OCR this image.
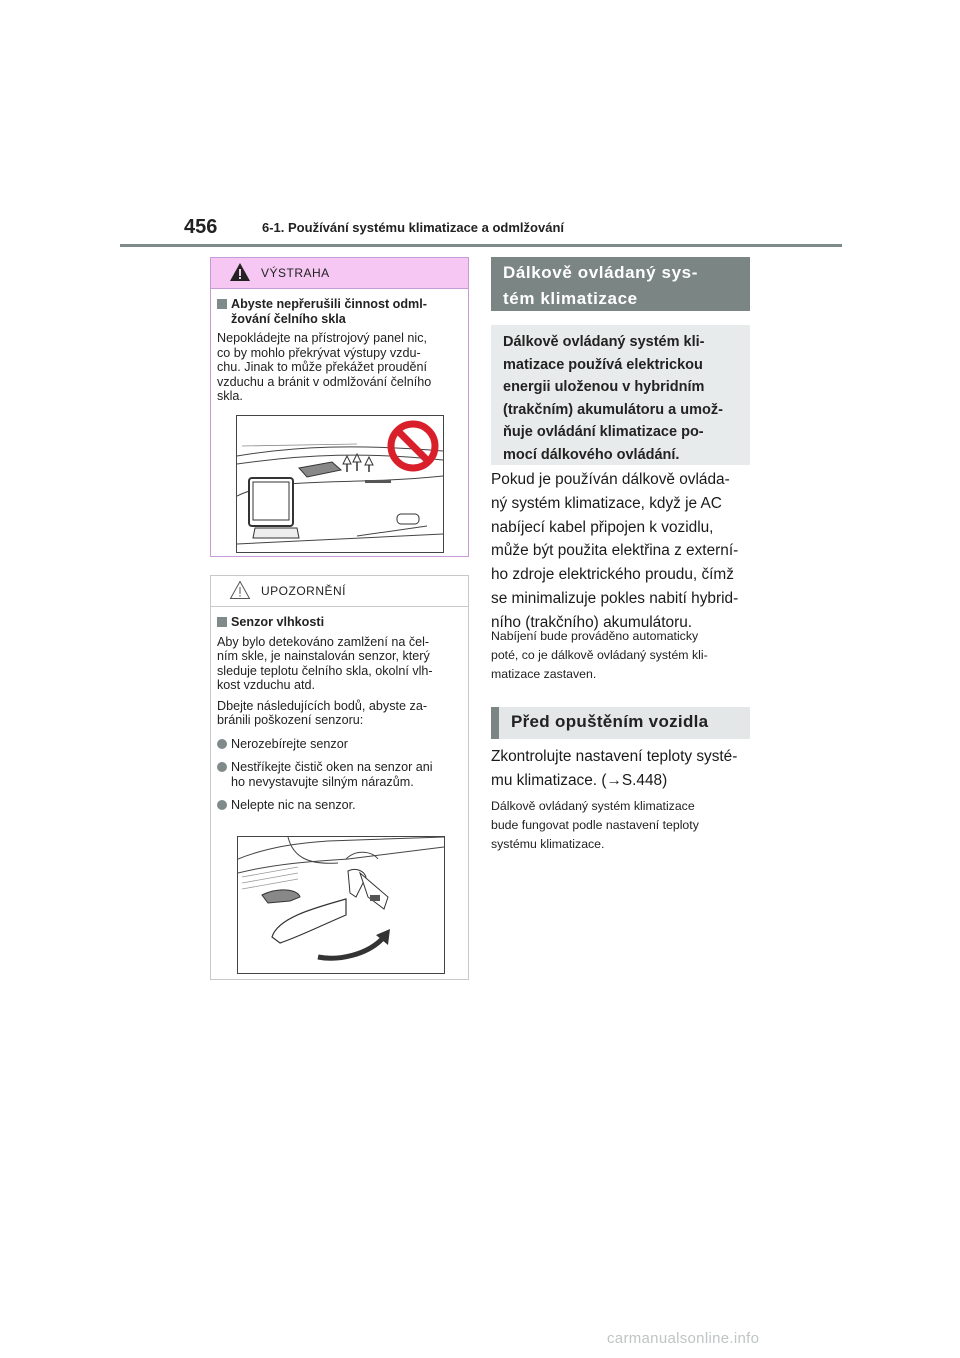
456	6-1. Používání systému klimatizace a odmlžování
VÝSTRAHA
Abyste nepřerušili činnost odml-
žování čelního skla
Nepokládejte na přístrojový panel nic,
co by mohlo překrývat výstupy vzdu-
chu. Jinak to může překážet proudění
vzduchu a bránit v odmlžování čelního
skla.
UPOZORNĚNÍ
Senzor vlhkosti
Aby bylo detekováno zamlžení na čel-
ním skle, je nainstalován senzor, který
sleduje teplotu čelního skla, okolní vlh-
kost vzduchu atd.
Dbejte následujících bodů, abyste za-
bránili poškození senzoru:
Nerozebírejte senzor
Nestříkejte čistič oken na senzor ani
ho nevystavujte silným nárazům.
Nelepte nic na senzor.
Dálkově ovládaný sys-
tém klimatizace
Dálkově ovládaný systém kli-
matizace používá elektrickou
energii uloženou v hybridním
(trakčním) akumulátoru a umož-
ňuje ovládání klimatizace po-
mocí dálkového ovládání.
Pokud je používán dálkově ovláda-
ný systém klimatizace, když je AC
nabíjecí kabel připojen k vozidlu,
může být použita elektřina z externí-
ho zdroje elektrického proudu, čímž
se minimalizuje pokles nabití hybrid-
ního (trakčního) akumulátoru.
Nabíjení bude prováděno automaticky
poté, co je dálkově ovládaný systém kli-
matizace zastaven.
Před opuštěním vozidla
Zkontrolujte nastavení teploty systé-
mu klimatizace. (→S.448)
Dálkově ovládaný systém klimatizace
bude fungovat podle nastavení teploty
systému klimatizace.
carmanualsonline.info
